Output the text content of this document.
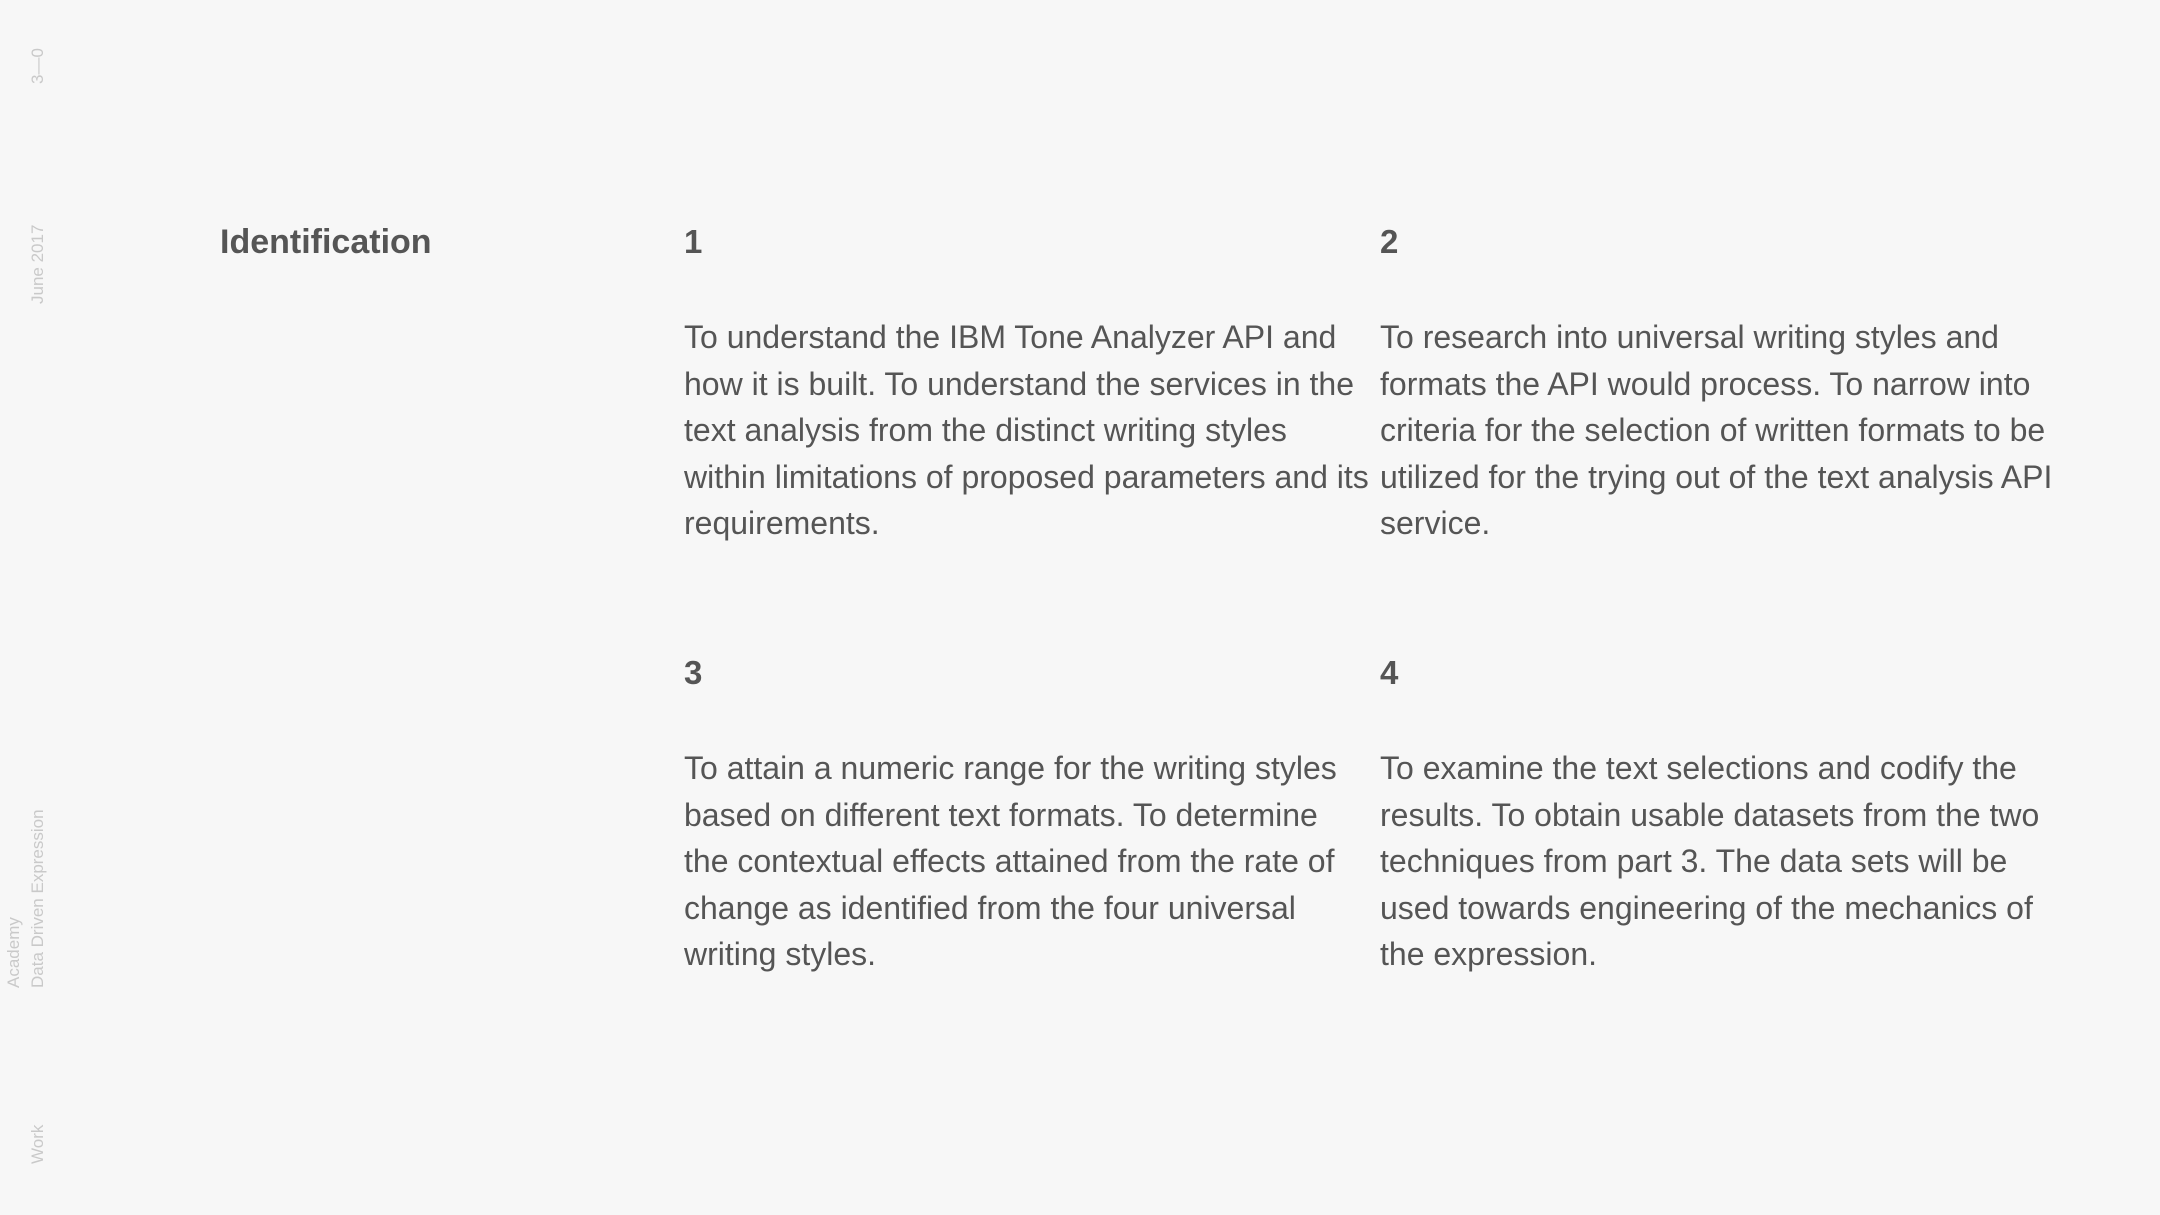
3—0
June 2017
Academy Data Driven Expression
Work
Identification	1

To understand the IBM Tone Analyzer API and how it is built. To understand the services in the text analysis from the distinct writing styles within limitations of proposed parameters and its requirements.

2

To research into universal writing styles and formats the API would process. To narrow into criteria for the selection of written formats to be utilized for the trying out of the text analysis API service.

3

To attain a numeric range for the writing styles based on different text formats. To determine the contextual effects attained from the rate of change as identified from the four universal writing styles.

4

To examine the text selections and codify the results. To obtain usable datasets from the two techniques from part 3. The data sets will be used towards engineering of the mechanics of the expression.
